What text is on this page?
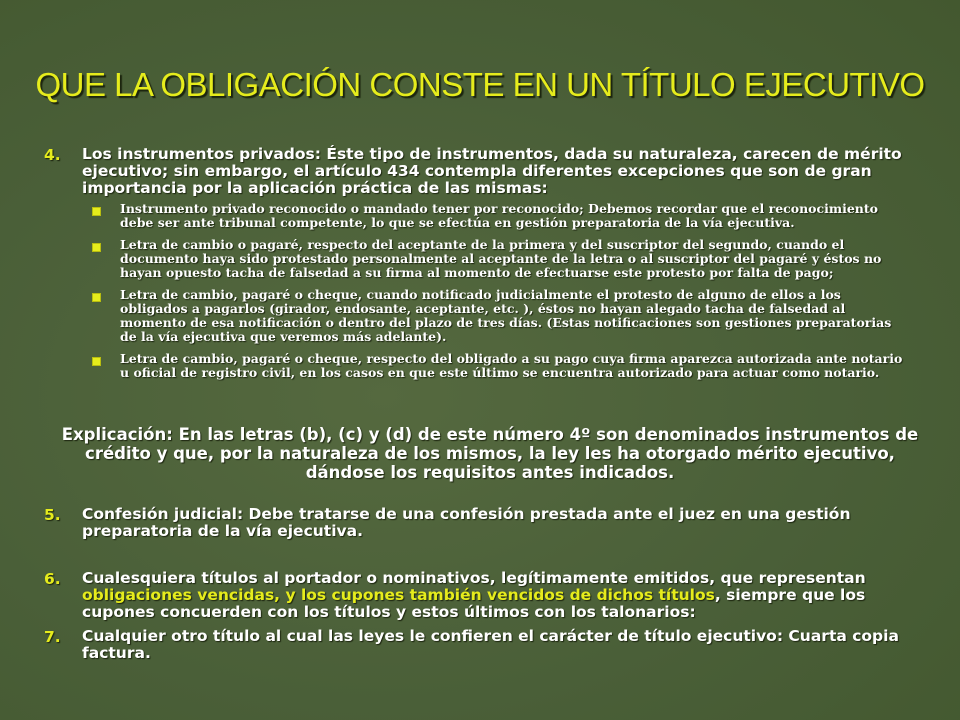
QUE LA OBLIGACIÓN CONSTE EN UN TÍTULO EJECUTIVO
4. Los instrumentos privados: Éste tipo de instrumentos, dada su naturaleza, carecen de mérito ejecutivo; sin embargo, el artículo 434 contempla diferentes excepciones que son de gran importancia por la aplicación práctica de las mismas:
Instrumento privado reconocido o mandado tener por reconocido; Debemos recordar que el reconocimiento debe ser ante tribunal competente, lo que se efectúa en gestión preparatoria de la vía ejecutiva.
Letra de cambio o pagaré, respecto del aceptante de la primera y del suscriptor del segundo, cuando el documento haya sido protestado personalmente al aceptante de la letra o al suscriptor del pagaré y éstos no hayan opuesto tacha de falsedad a su firma al momento de efectuarse este protesto por falta de pago;
Letra de cambio, pagaré o cheque, cuando notificado judicialmente el protesto de alguno de ellos a los obligados a pagarlos (girador, endosante, aceptante, etc. ), éstos no hayan alegado tacha de falsedad al momento de esa notificación o dentro del plazo de tres días. (Estas notificaciones son gestiones preparatorias de la vía ejecutiva que veremos más adelante).
Letra de cambio, pagaré o cheque, respecto del obligado a su pago cuya firma aparezca autorizada ante notario u oficial de registro civil, en los casos en que este último se encuentra autorizado para actuar como notario.
Explicación: En las letras (b), (c) y (d) de este número 4º son denominados instrumentos de crédito y que, por la naturaleza de los mismos, la ley les ha otorgado mérito ejecutivo, dándose los requisitos antes indicados.
5. Confesión judicial: Debe tratarse de una confesión prestada ante el juez en una gestión preparatoria de la vía ejecutiva.
6. Cualesquiera títulos al portador o nominativos, legítimamente emitidos, que representan obligaciones vencidas, y los cupones también vencidos de dichos títulos, siempre que los cupones concuerden con los títulos y estos últimos con los talonarios:
7. Cualquier otro título al cual las leyes le confieren el carácter de título ejecutivo: Cuarta copia factura.
